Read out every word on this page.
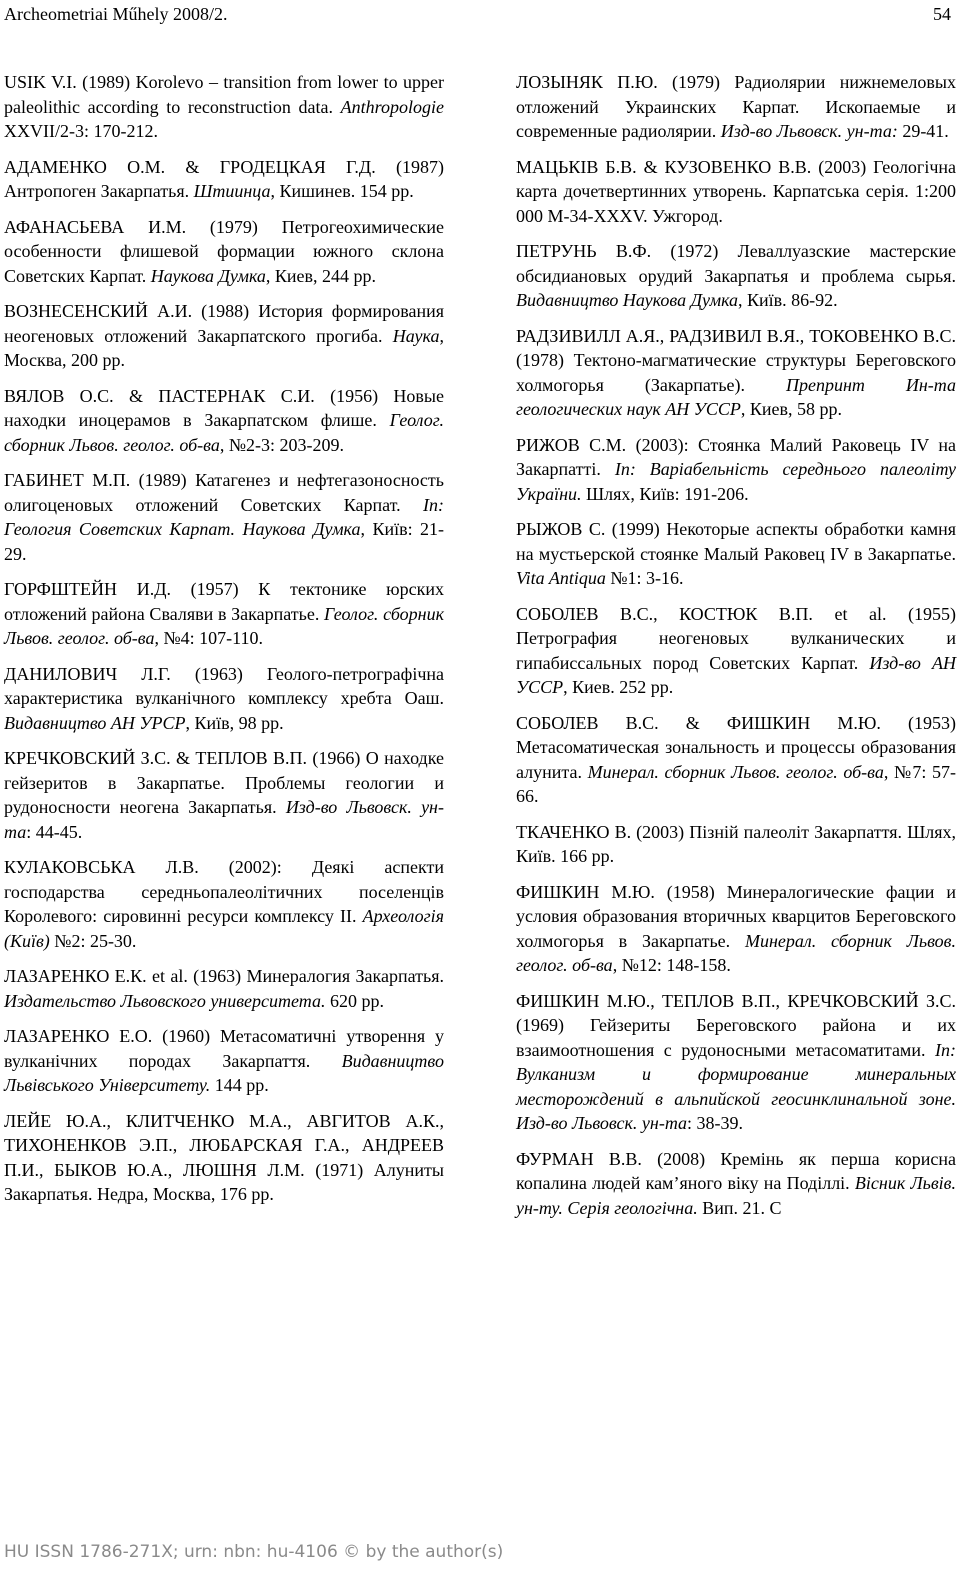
Archeometriai Műhely 2008/2.	54

USIK V.I. (1989) Korolevo – transition from lower to upper paleolithic according to reconstruction data. Anthropologie XXVII/2-3: 170-212.

АДАМЕНКО О.М. & ГРОДЕЦКАЯ Г.Д. (1987) Антропоген Закарпатья. Штиинца, Кишинев. 154 pp.

АФАНАСЬЕВА И.М. (1979) Петрогеохимические особенности флишевой формации южного склона Советских Карпат. Наукова Думка, Киев, 244 pp.

ВОЗНЕСЕНСКИЙ А.И. (1988) История формирования неогеновых отложений Закарпатского прогиба. Наука, Москва, 200 pp.

ВЯЛОВ О.С. & ПАСТЕРНАК С.И. (1956) Новые находки иноцерамов в Закарпатском флише. Геолог. сборник Львов. геолог. об-ва, №2-3: 203-209.

ГАБИНЕТ М.П. (1989) Катагенез и нефтегазоносность олигоценовых отложений Советских Карпат. In: Геология Советских Карпат. Наукова Думка, Київ: 21-29.

ГОРФШТЕЙН И.Д. (1957) К тектонике юрских отложений района Сваляви в Закарпатье. Геолог. сборник Львов. геолог. об-ва, №4: 107-110.

ДАНИЛОВИЧ Л.Г. (1963) Геолого-петрографічна характеристика вулканічного комплексу хребта Оаш. Видавництво АН УРСР, Київ, 98 pp.

КРЕЧКОВСКИЙ З.С. & ТЕПЛОВ В.П. (1966) О находке гейзеритов в Закарпатье. Проблемы геологии и рудоносности неогена Закарпатья. Изд-во Львовск. ун-та: 44-45.

КУЛАКОВСЬКА Л.В. (2002): Деякі аспекти господарства середньопалеолітичних поселенців Королевого: сировинні ресурси комплексу II. Археологія (Київ) №2: 25-30.

ЛАЗАРЕНКО Е.К. et al. (1963) Минералогия Закарпатья. Издательство Львовского университета. 620 pp.

ЛАЗАРЕНКО Е.О. (1960) Метасоматичні утворення у вулканічних породах Закарпаття. Видавництво Львівського Університету. 144 pp.

ЛЕЙЕ Ю.А., КЛИТЧЕНКО М.А., АВГИТОВ А.К., ТИХОНЕНКОВ Э.П., ЛЮБАРСКАЯ Г.А., АНДРЕЕВ П.И., БЫКОВ Ю.А., ЛЮШНЯ Л.М. (1971) Алуниты Закарпатья. Недра, Москва, 176 pp.

ЛОЗЫНЯК П.Ю. (1979) Радиолярии нижнемеловых отложений Украинских Карпат. Ископаемые и современные радиолярии. Изд-во Львовск. ун-та: 29-41.

МАЦЬКІВ Б.В. & КУЗОВЕНКО В.В. (2003) Геологічна карта дочетвертинних утворень. Карпатська серія. 1:200 000 M-34-XXXV. Ужгород.

ПЕТРУНЬ В.Ф. (1972) Леваллуазские мастерские обсидиановых орудий Закарпатья и проблема сырья. Видавництво Наукова Думка, Київ. 86-92.

РАДЗИВИЛЛ А.Я., РАДЗИВИЛ В.Я., ТОКОВЕНКО В.С. (1978) Тектоно-магматические структуры Береговского холмогорья (Закарпатье). Препринт Ин-та геологических наук АН УССР, Киев, 58 pp.

РИЖОВ С.М. (2003): Стоянка Малий Раковець IV на Закарпатті. In: Варіабельність середнього палеоліту України. Шлях, Київ: 191-206.

РЫЖОВ С. (1999) Некоторые аспекты обработки камня на мустьерской стоянке Малый Раковец IV в Закарпатье. Vita Antiqua №1: 3-16.

СОБОЛЕВ В.С., КОСТЮК В.П. et al. (1955) Петрография неогеновых вулканических и гипабиссальных пород Советских Карпат. Изд-во АН УССР, Киев. 252 pp.

СОБОЛЕВ В.С. & ФИШКИН М.Ю. (1953) Метасоматическая зональность и процессы образования алунита. Минерал. сборник Львов. геолог. об-ва, №7: 57-66.

ТКАЧЕНКО В. (2003) Пізній палеоліт Закарпаття. Шлях, Київ. 166 pp.

ФИШКИН М.Ю. (1958) Минералогические фации и условия образования вторичных кварцитов Береговского холмогорья в Закарпатье. Минерал. сборник Львов. геолог. об-ва, №12: 148-158.

ФИШКИН М.Ю., ТЕПЛОВ В.П., КРЕЧКОВСКИЙ З.С. (1969) Гейзериты Береговского района и их взаимоотношения с рудоносными метасоматитами. In: Вулканизм и формирование минеральных месторождений в альпийской геосинклинальной зоне. Изд-во Львовск. ун-та: 38-39.

ФУРМАН В.В. (2008) Кремінь як перша корисна копалина людей камʼяного віку на Поділлі. Вісник Львів. ун-ту. Серія геологічна. Вип. 21. С

HU ISSN 1786-271X; urn: nbn: hu-4106 © by the author(s)
